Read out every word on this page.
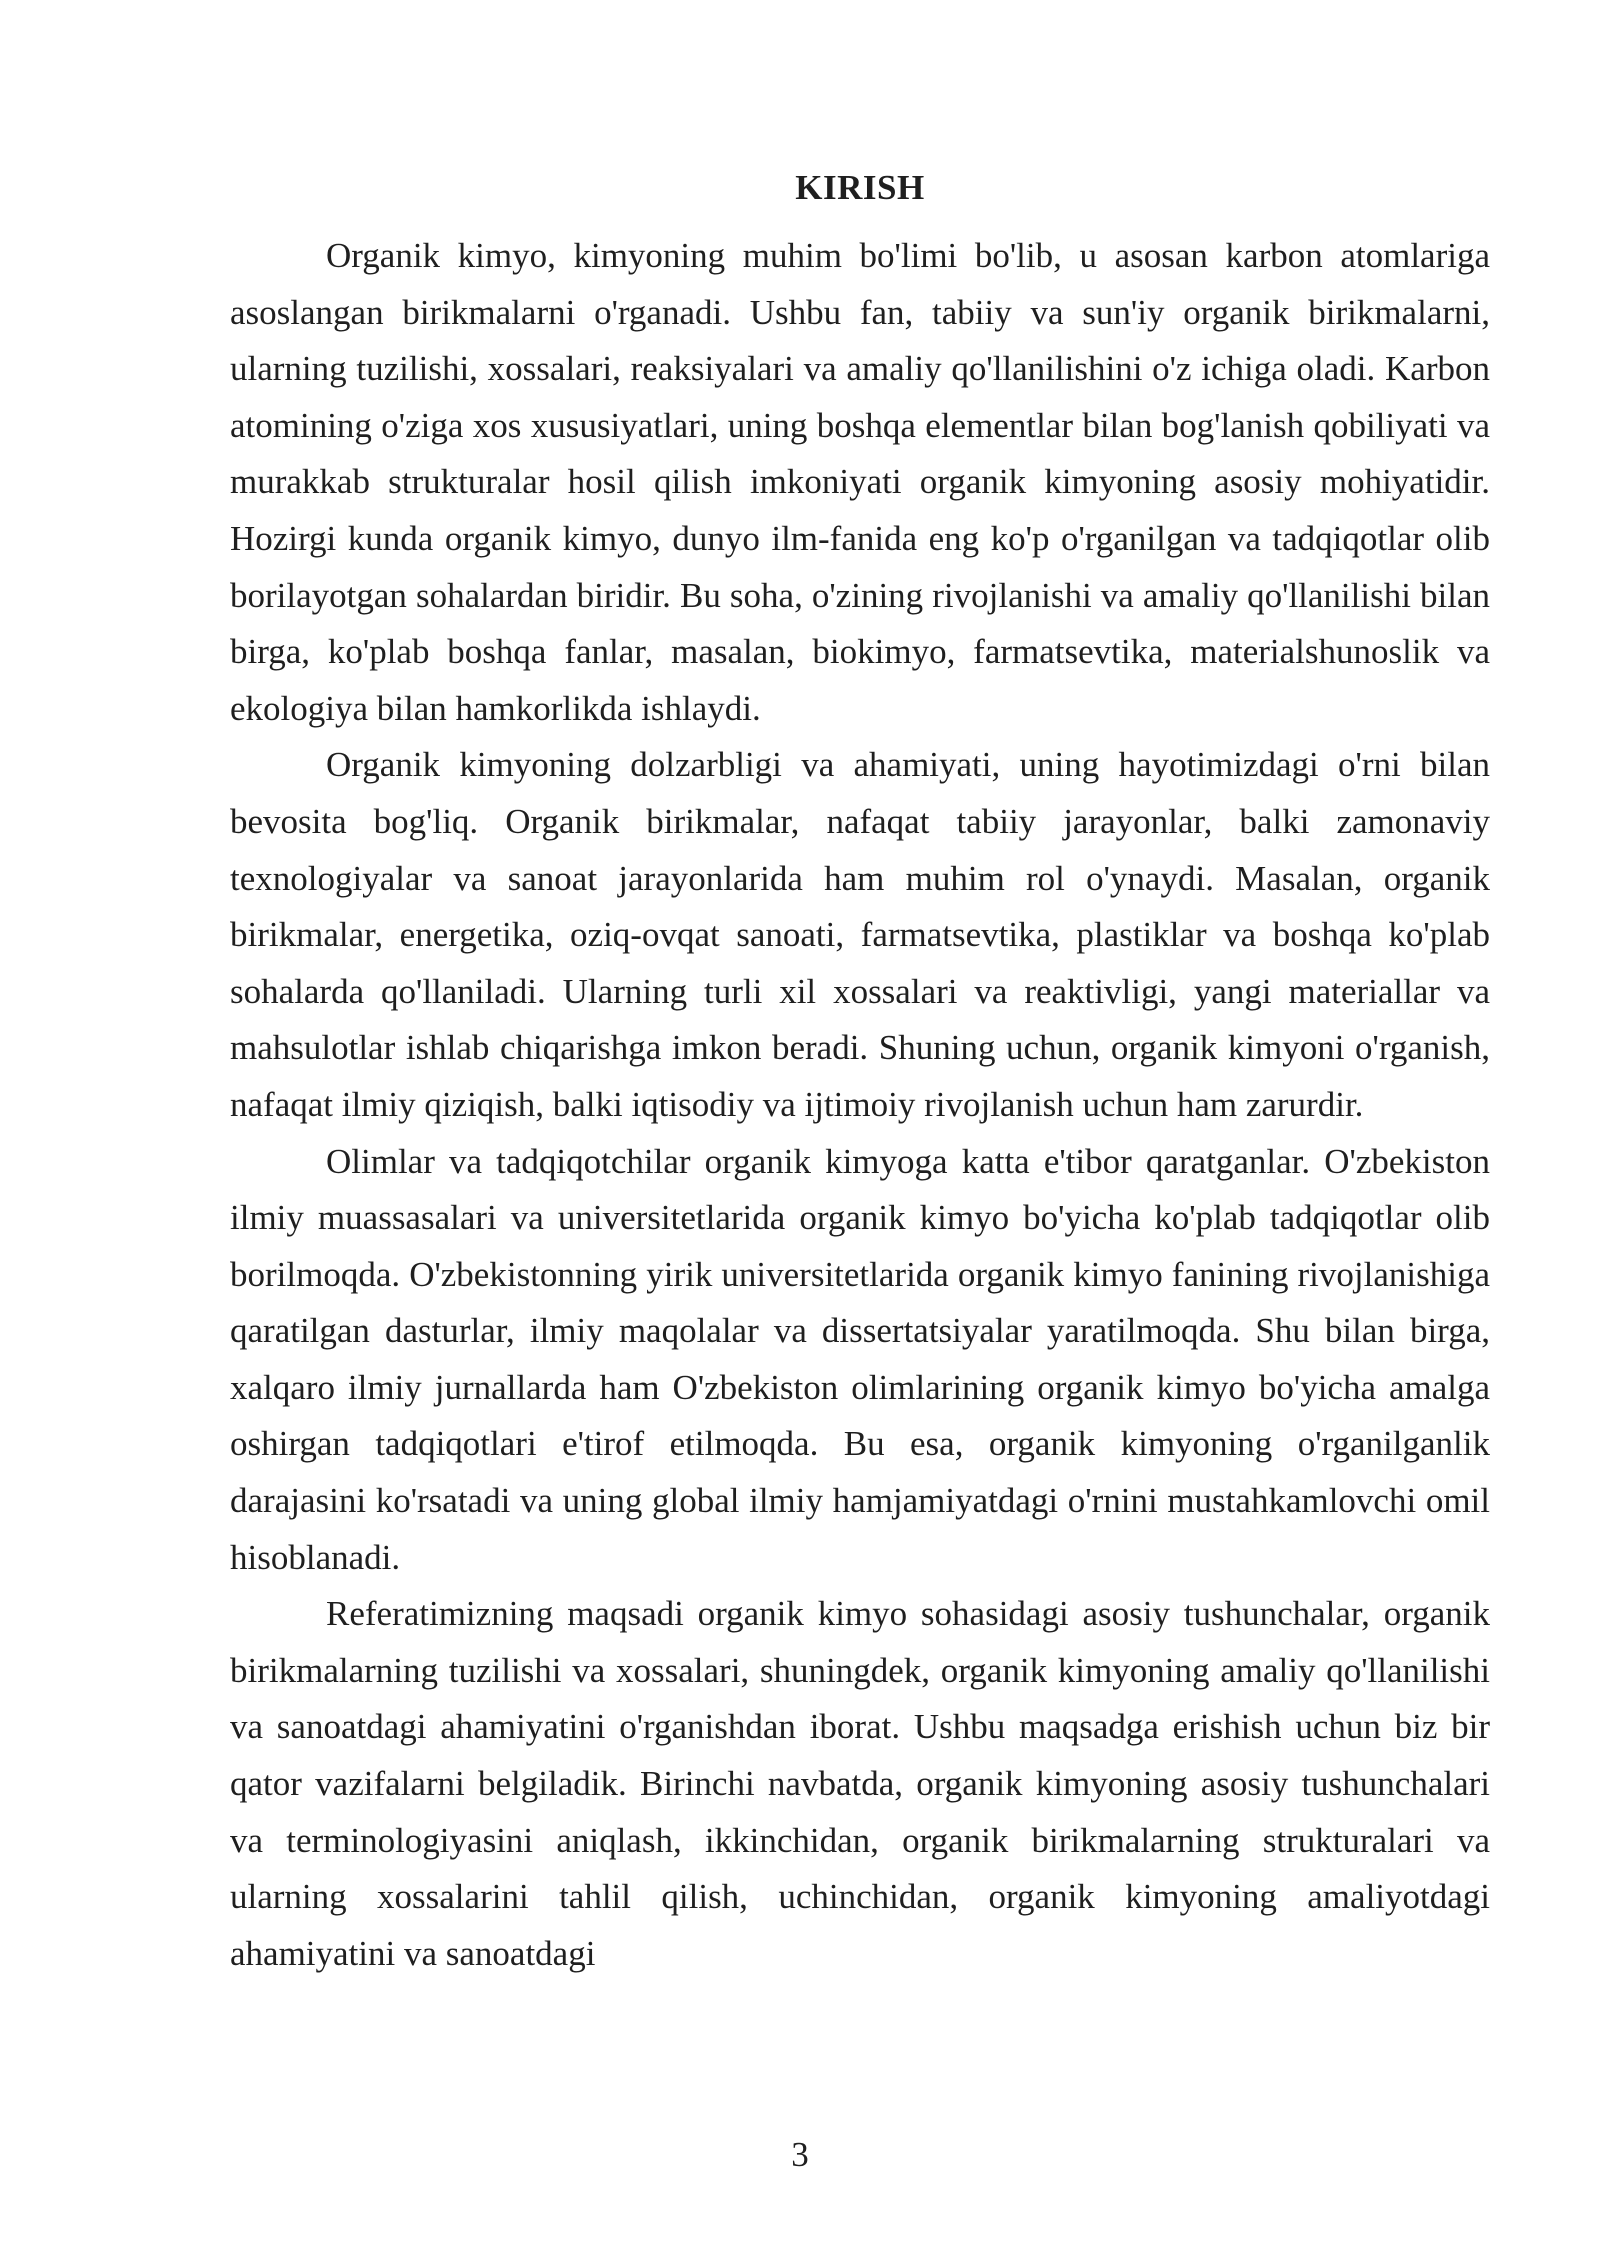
KIRISH

Organik kimyo, kimyoning muhim bo'limi bo'lib, u asosan karbon atomlariga asoslangan birikmalarni o'rganadi. Ushbu fan, tabiiy va sun'iy organik birikmalarni, ularning tuzilishi, xossalari, reaksiyalari va amaliy qo'llanilishini o'z ichiga oladi. Karbon atomining o'ziga xos xususiyatlari, uning boshqa elementlar bilan bog'lanish qobiliyati va murakkab strukturalar hosil qilish imkoniyati organik kimyoning asosiy mohiyatidir. Hozirgi kunda organik kimyo, dunyo ilm-fanida eng ko'p o'rganilgan va tadqiqotlar olib borilayotgan sohalardan biridir. Bu soha, o'zining rivojlanishi va amaliy qo'llanilishi bilan birga, ko'plab boshqa fanlar, masalan, biokimyo, farmatsevtika, materialshunoslik va ekologiya bilan hamkorlikda ishlaydi.

Organik kimyoning dolzarbligi va ahamiyati, uning hayotimizdagi o'rni bilan bevosita bog'liq. Organik birikmalar, nafaqat tabiiy jarayonlar, balki zamonaviy texnologiyalar va sanoat jarayonlarida ham muhim rol o'ynaydi. Masalan, organik birikmalar, energetika, oziq-ovqat sanoati, farmatsevtika, plastiklar va boshqa ko'plab sohalarda qo'llaniladi. Ularning turli xil xossalari va reaktivligi, yangi materiallar va mahsulotlar ishlab chiqarishga imkon beradi. Shuning uchun, organik kimyoni o'rganish, nafaqat ilmiy qiziqish, balki iqtisodiy va ijtimoiy rivojlanish uchun ham zarurdir.

Olimlar va tadqiqotchilar organik kimyoga katta e'tibor qaratganlar. O'zbekiston ilmiy muassasalari va universitetlarida organik kimyo bo'yicha ko'plab tadqiqotlar olib borilmoqda. O'zbekistonning yirik universitetlarida organik kimyo fanining rivojlanishiga qaratilgan dasturlar, ilmiy maqolalar va dissertatsiyalar yaratilmoqda. Shu bilan birga, xalqaro ilmiy jurnallarda ham O'zbekiston olimlarining organik kimyo bo'yicha amalga oshirgan tadqiqotlari e'tirof etilmoqda. Bu esa, organik kimyoning o'rganilganlik darajasini ko'rsatadi va uning global ilmiy hamjamiyatdagi o'rnini mustahkamlovchi omil hisoblanadi.

Referatimizning maqsadi organik kimyo sohasidagi asosiy tushunchalar, organik birikmalarning tuzilishi va xossalari, shuningdek, organik kimyoning amaliy qo'llanilishi va sanoatdagi ahamiyatini o'rganishdan iborat. Ushbu maqsadga erishish uchun biz bir qator vazifalarni belgiladik. Birinchi navbatda, organik kimyoning asosiy tushunchalari va terminologiyasini aniqlash, ikkinchidan, organik birikmalarning strukturalari va ularning xossalarini tahlil qilish, uchinchidan, organik kimyoning amaliyotdagi ahamiyatini va sanoatdagi

3
